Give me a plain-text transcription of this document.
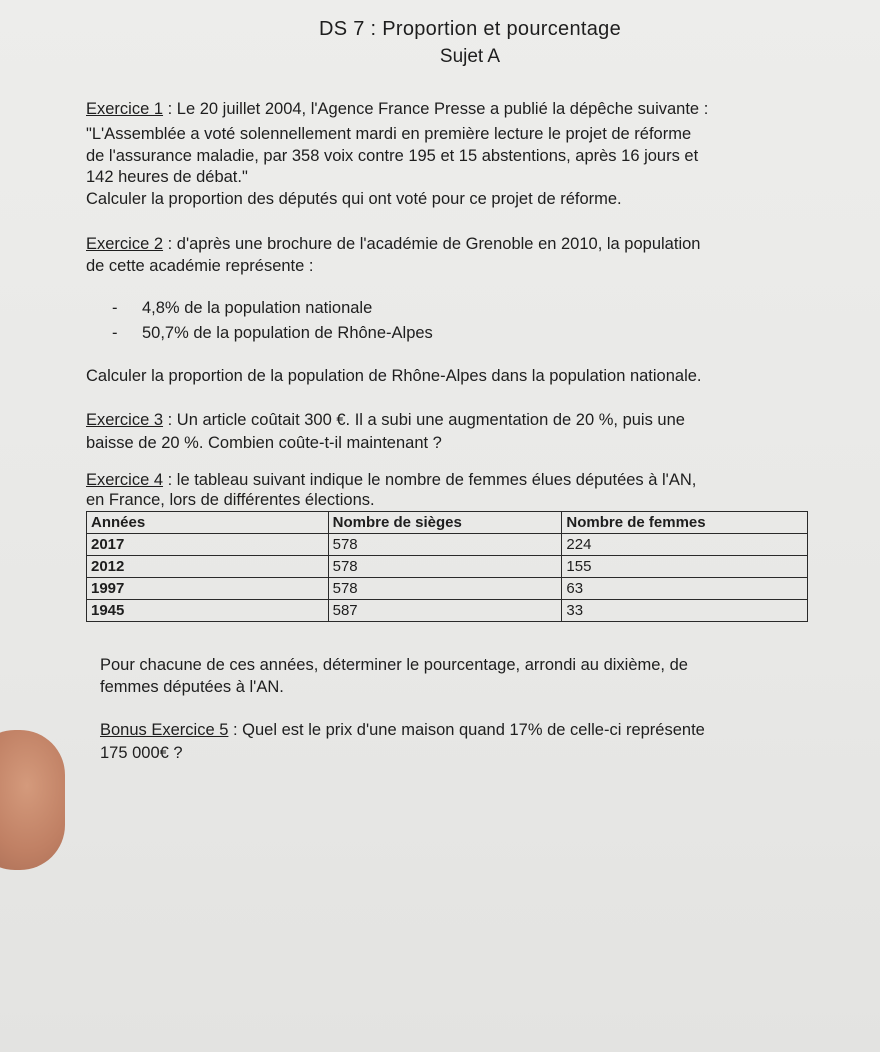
DS 7 : Proportion et pourcentage
Sujet A
Exercice 1 : Le 20 juillet 2004, l'Agence France Presse a publié la dépêche suivante :
"L'Assemblée a voté solennellement mardi en première lecture le projet de réforme
de l'assurance maladie, par 358 voix contre 195 et 15 abstentions, après 16 jours et
142 heures de débat."
Calculer la proportion des députés qui ont voté pour ce projet de réforme.
Exercice 2 : d'après une brochure de l'académie de Grenoble en 2010, la population
de cette académie représente :
-	4,8% de la population nationale
-	50,7% de la population de Rhône-Alpes
Calculer la proportion de la population de Rhône-Alpes dans la population nationale.
Exercice 3 : Un article coûtait 300 €. Il a subi une augmentation de 20 %, puis une
baisse de 20 %. Combien coûte-t-il maintenant ?
Exercice 4 : le tableau suivant indique le nombre de femmes élues députées à l'AN,
en France, lors de différentes élections.
Années	Nombre de sièges	Nombre de femmes
2017	578	224
2012	578	155
1997	578	63
1945	587	33
Pour chacune de ces années, déterminer le pourcentage, arrondi au dixième, de
femmes députées à l'AN.
Bonus Exercice 5 : Quel est le prix d'une maison quand 17% de celle-ci représente
175 000€ ?
